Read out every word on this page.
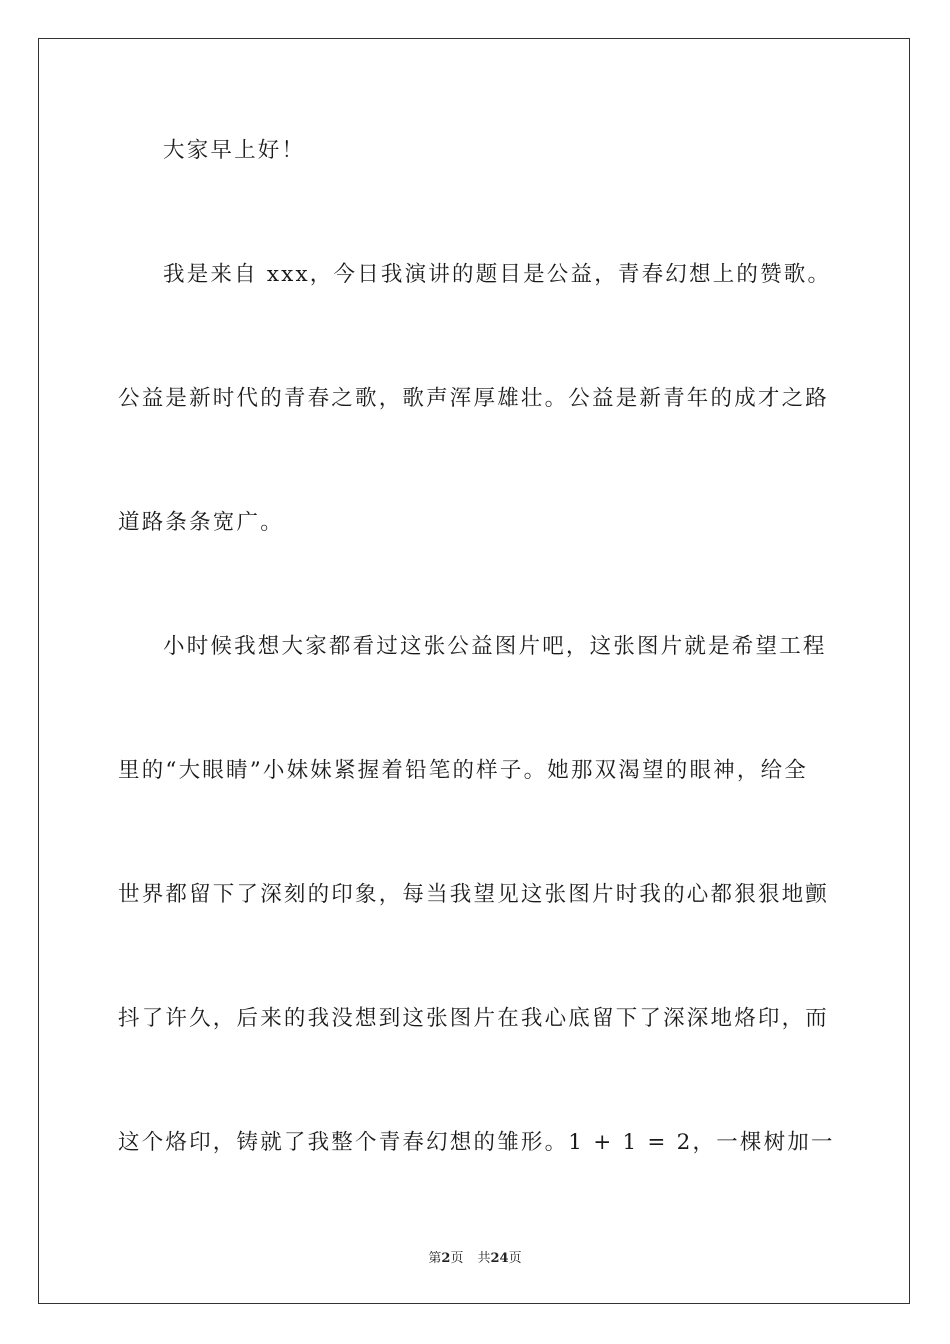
大家早上好！
我是来自 xxx，今日我演讲的题目是公益，青春幻想上的赞歌。
公益是新时代的青春之歌，歌声浑厚雄壮。公益是新青年的成才之路
道路条条宽广。
小时候我想大家都看过这张公益图片吧，这张图片就是希望工程
里的“大眼睛”小妹妹紧握着铅笔的样子。她那双渴望的眼神，给全
世界都留下了深刻的印象，每当我望见这张图片时我的心都狠狠地颤
抖了许久，后来的我没想到这张图片在我心底留下了深深地烙印，而
这个烙印，铸就了我整个青春幻想的雏形。1 + 1 = 2，一棵树加一
第2页 共24页
